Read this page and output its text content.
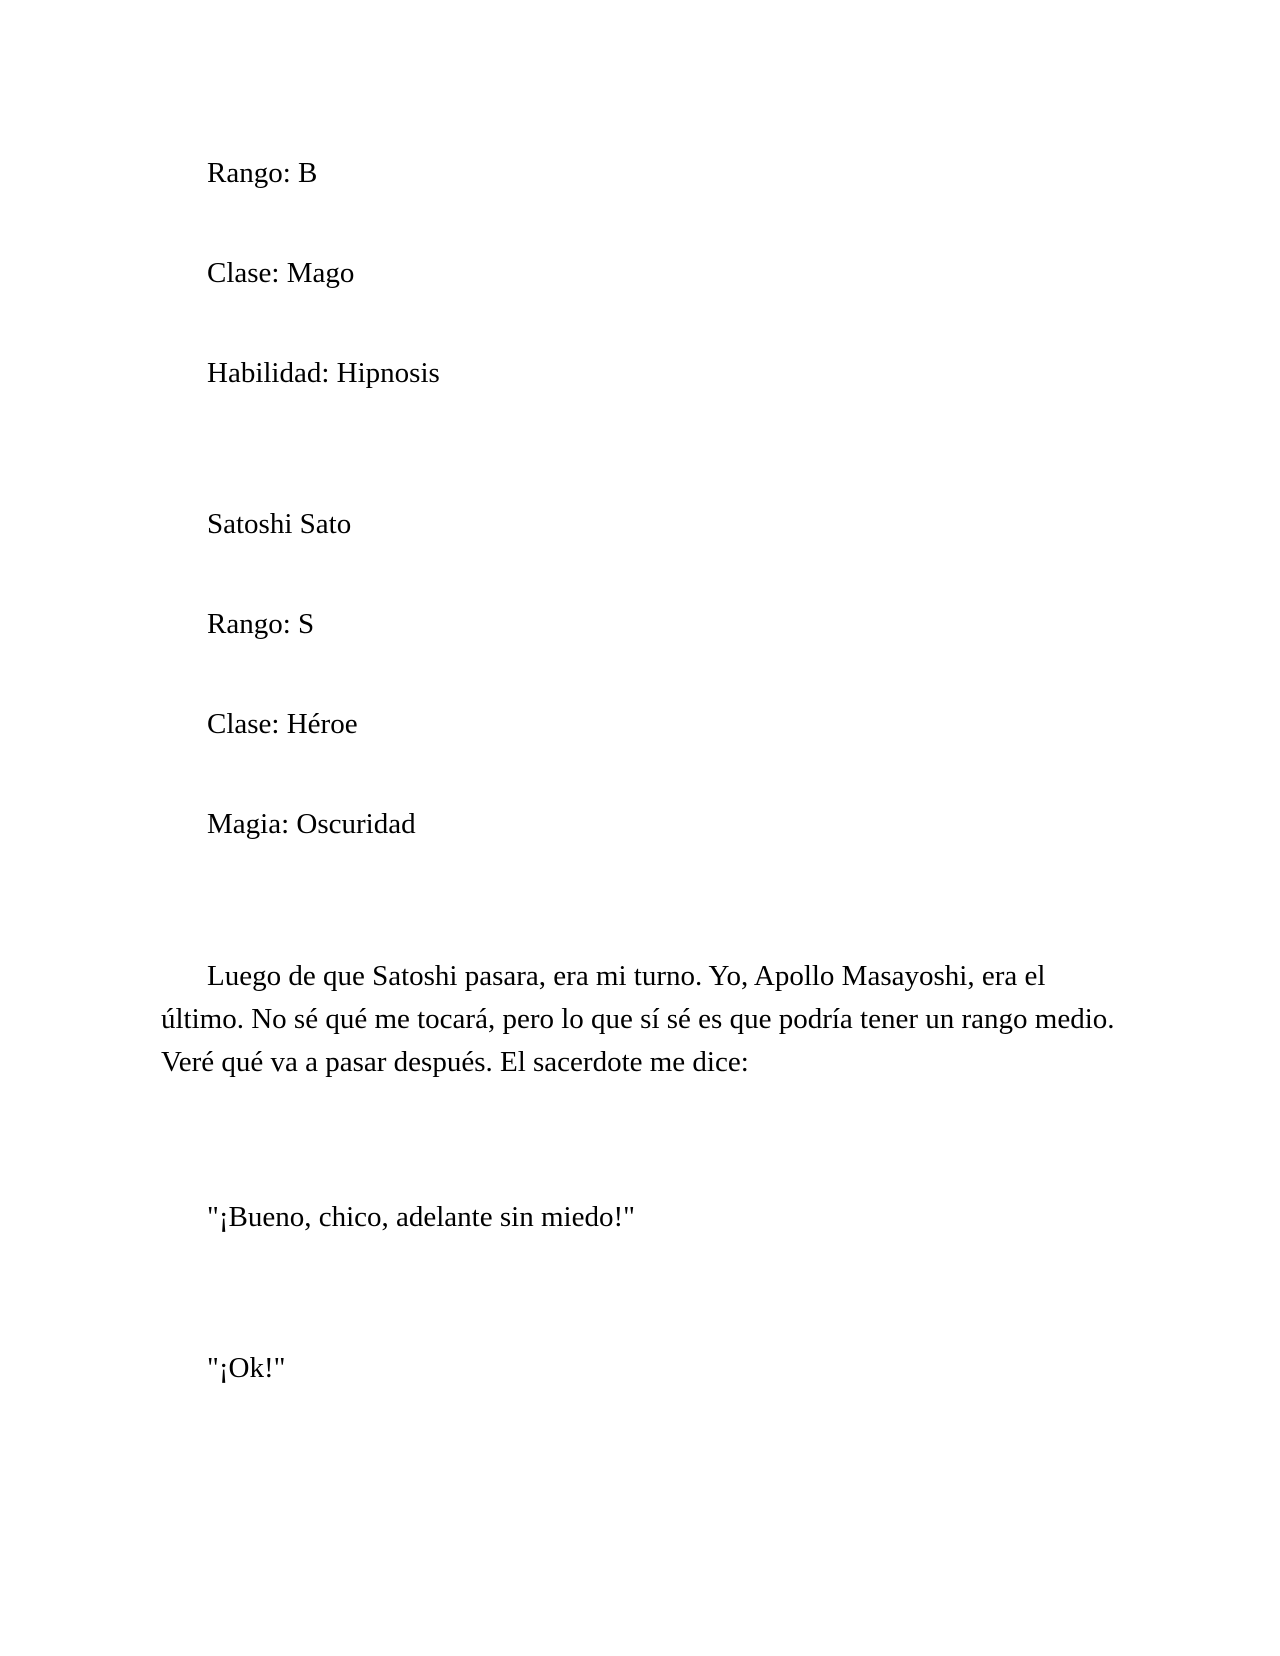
Rango: B
Clase: Mago
Habilidad: Hipnosis
Satoshi Sato
Rango: S
Clase: Héroe
Magia: Oscuridad

Luego de que Satoshi pasara, era mi turno. Yo, Apollo Masayoshi, era el último. No sé qué me tocará, pero lo que sí sé es que podría tener un rango medio. Veré qué va a pasar después. El sacerdote me dice:

"¡Bueno, chico, adelante sin miedo!"
"¡Ok!"
